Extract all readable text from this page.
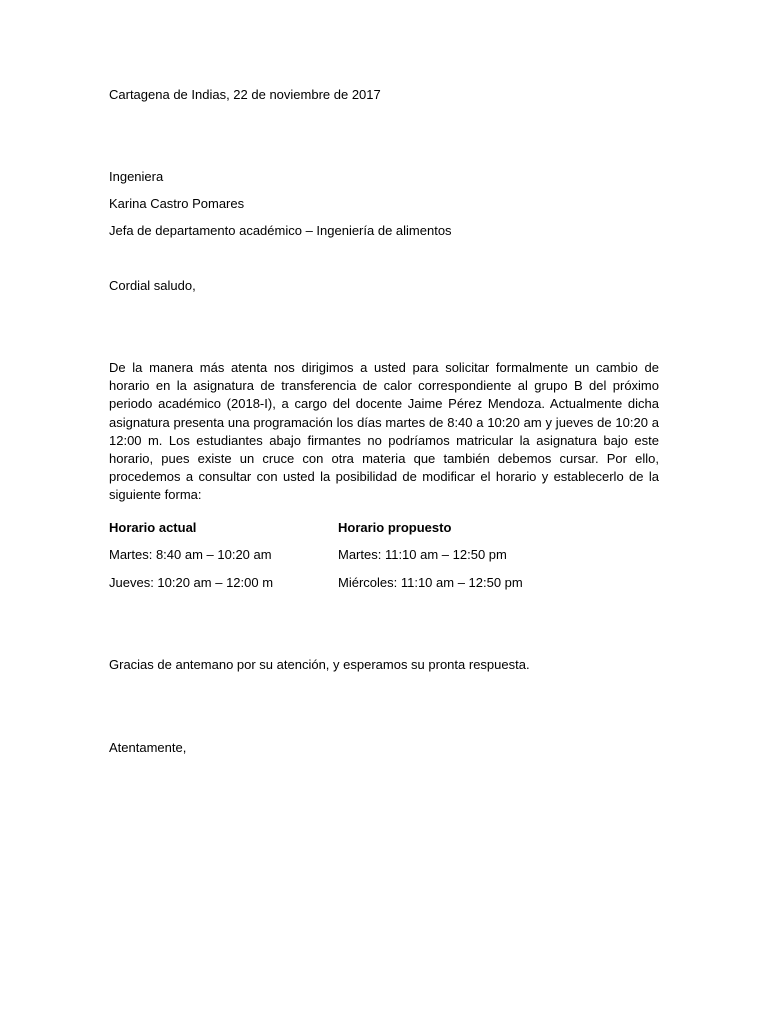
Cartagena de Indias, 22 de noviembre de 2017
Ingeniera
Karina Castro Pomares
Jefa de departamento académico – Ingeniería de alimentos
Cordial saludo,
De la manera más atenta nos dirigimos a usted para solicitar formalmente un cambio de horario en la asignatura de transferencia de calor correspondiente al grupo B del próximo periodo académico (2018-I), a cargo del docente Jaime Pérez Mendoza. Actualmente dicha asignatura presenta una programación los días martes de 8:40 a 10:20 am y jueves de 10:20 a 12:00 m. Los estudiantes abajo firmantes no podríamos matricular la asignatura bajo este horario, pues existe un cruce con otra materia que también debemos cursar. Por ello, procedemos a consultar con usted la posibilidad de modificar el horario y establecerlo de la siguiente forma:
Horario actual	Horario propuesto
Martes: 8:40 am – 10:20 am	Martes: 11:10 am – 12:50 pm
Jueves: 10:20 am – 12:00 m	Miércoles: 11:10 am – 12:50 pm
Gracias de antemano por su atención, y esperamos su pronta respuesta.
Atentamente,
